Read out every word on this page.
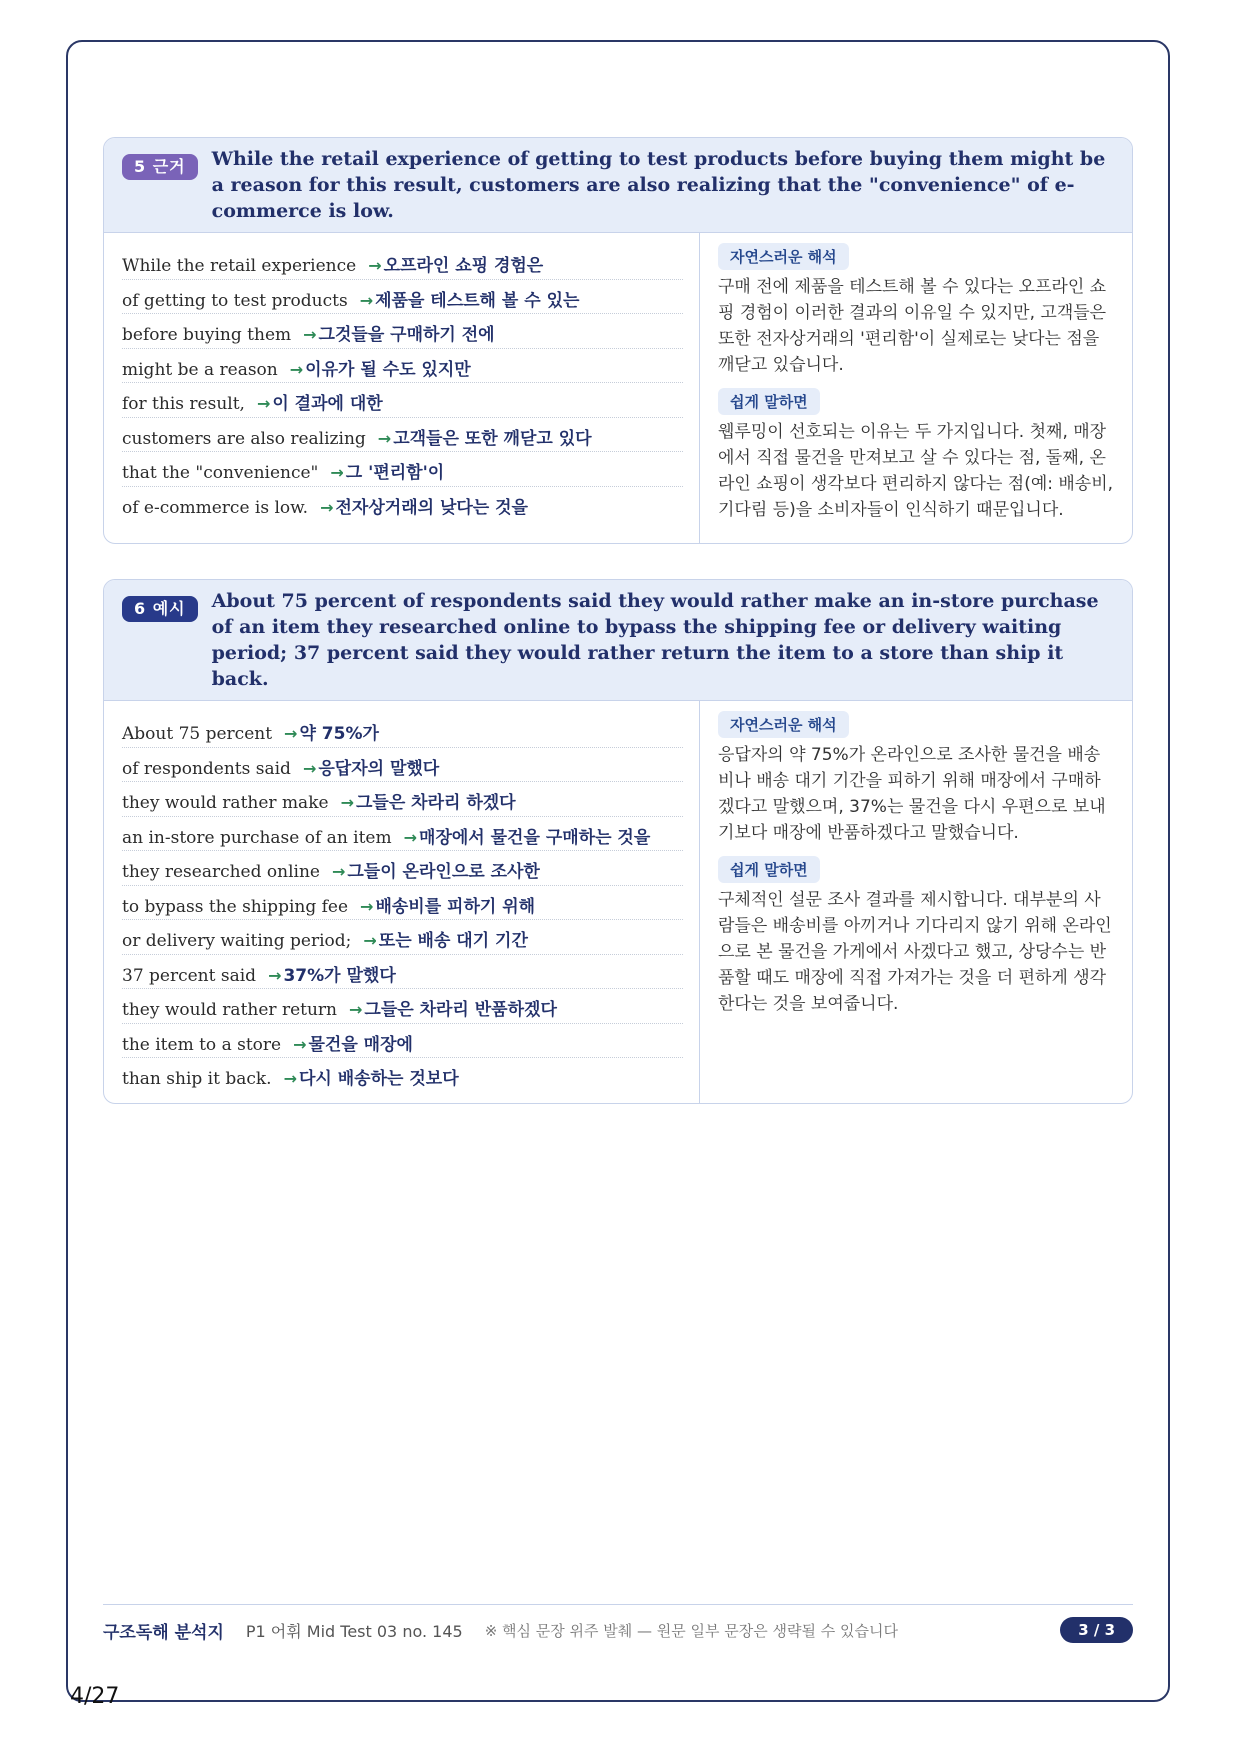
5 근거	While the retail experience of getting to test products before buying them might be a reason for this result, customers are also realizing that the "convenience" of e-commerce is low.
While the retail experience → 오프라인 쇼핑 경험은
of getting to test products → 제품을 테스트해 볼 수 있는
before buying them → 그것들을 구매하기 전에
might be a reason → 이유가 될 수도 있지만
for this result, → 이 결과에 대한
customers are also realizing → 고객들은 또한 깨닫고 있다
that the "convenience" → 그 '편리함'이
of e-commerce is low. → 전자상거래의 낮다는 것을
자연스러운 해석

구매 전에 제품을 테스트해 볼 수 있다는 오프라인 쇼핑 경험이 이러한 결과의 이유일 수 있지만, 고객들은 또한 전자상거래의 '편리함'이 실제로는 낮다는 점을 깨닫고 있습니다.

쉽게 말하면

웹루밍이 선호되는 이유는 두 가지입니다. 첫째, 매장에서 직접 물건을 만져보고 살 수 있다는 점, 둘째, 온라인 쇼핑이 생각보다 편리하지 않다는 점(예: 배송비, 기다림 등)을 소비자들이 인식하기 때문입니다.

6 예시	About 75 percent of respondents said they would rather make an in-store purchase of an item they researched online to bypass the shipping fee or delivery waiting period; 37 percent said they would rather return the item to a store than ship it back.
About 75 percent → 약 75%가
of respondents said → 응답자의 말했다
they would rather make → 그들은 차라리 하겠다
an in-store purchase of an item → 매장에서 물건을 구매하는 것을
they researched online → 그들이 온라인으로 조사한
to bypass the shipping fee → 배송비를 피하기 위해
or delivery waiting period; → 또는 배송 대기 기간
37 percent said → 37%가 말했다
they would rather return → 그들은 차라리 반품하겠다
the item to a store → 물건을 매장에
than ship it back. → 다시 배송하는 것보다
자연스러운 해석

응답자의 약 75%가 온라인으로 조사한 물건을 배송비나 배송 대기 기간을 피하기 위해 매장에서 구매하겠다고 말했으며, 37%는 물건을 다시 우편으로 보내기보다 매장에 반품하겠다고 말했습니다.

쉽게 말하면

구체적인 설문 조사 결과를 제시합니다. 대부분의 사람들은 배송비를 아끼거나 기다리지 않기 위해 온라인으로 본 물건을 가게에서 사겠다고 했고, 상당수는 반품할 때도 매장에 직접 가져가는 것을 더 편하게 생각한다는 것을 보여줍니다.

구조독해 분석지 P1 어휘 Mid Test 03 no. 145 ※ 핵심 문장 위주 발췌 — 원문 일부 문장은 생략될 수 있습니다	3 / 3
4/27
